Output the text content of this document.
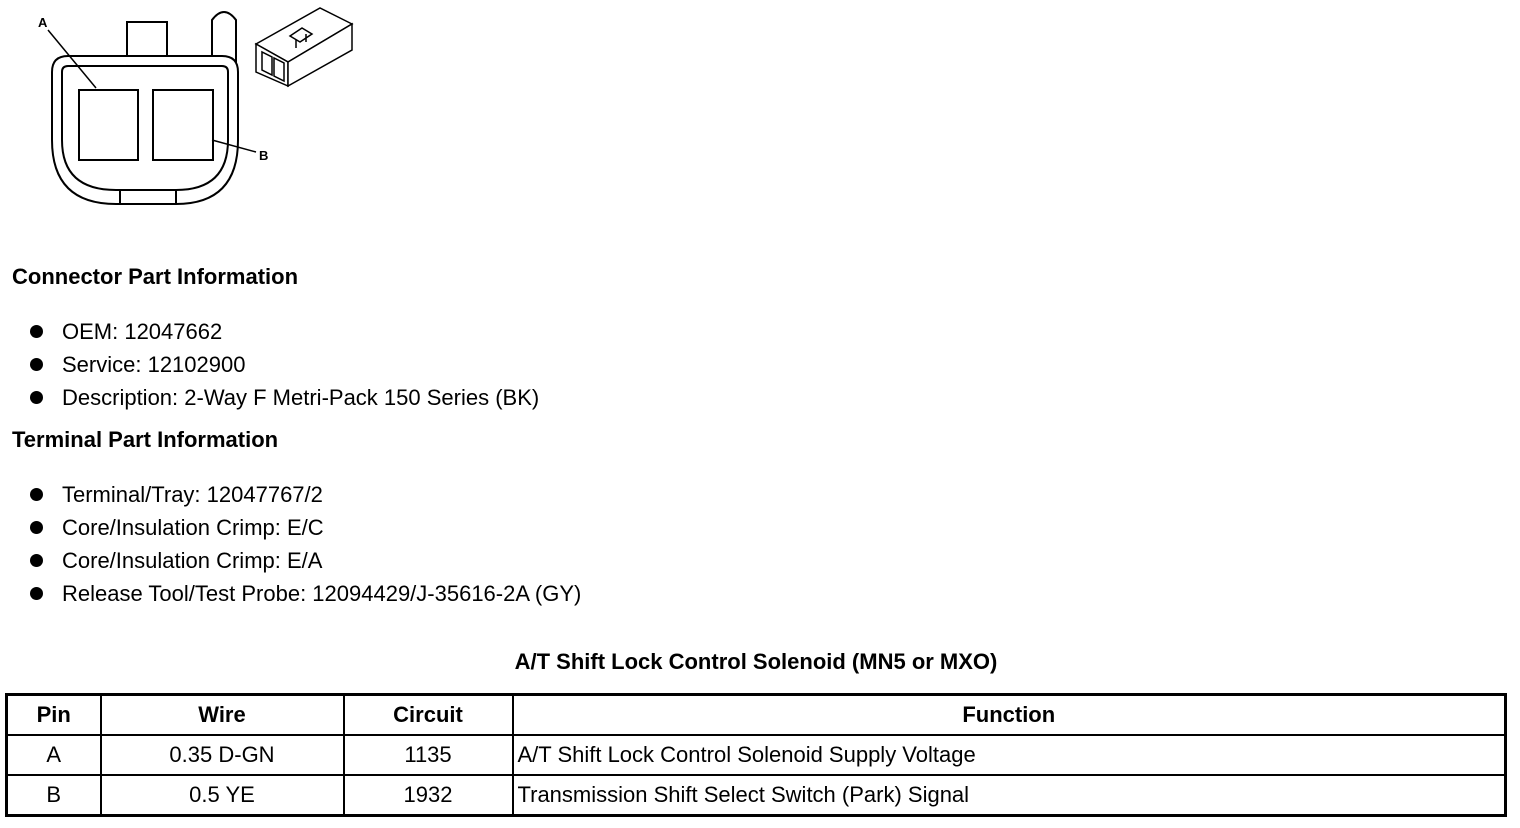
A
B
Connector Part Information
OEM: 12047662
Service: 12102900
Description: 2-Way F Metri-Pack 150 Series (BK)
Terminal Part Information
Terminal/Tray: 12047767/2
Core/Insulation Crimp: E/C
Core/Insulation Crimp: E/A
Release Tool/Test Probe: 12094429/J-35616-2A (GY)
A/T Shift Lock Control Solenoid (MN5 or MXO)
Pin	Wire	Circuit	Function
A	0.35 D-GN	1135	A/T Shift Lock Control Solenoid Supply Voltage
B	0.5 YE	1932	Transmission Shift Select Switch (Park) Signal
